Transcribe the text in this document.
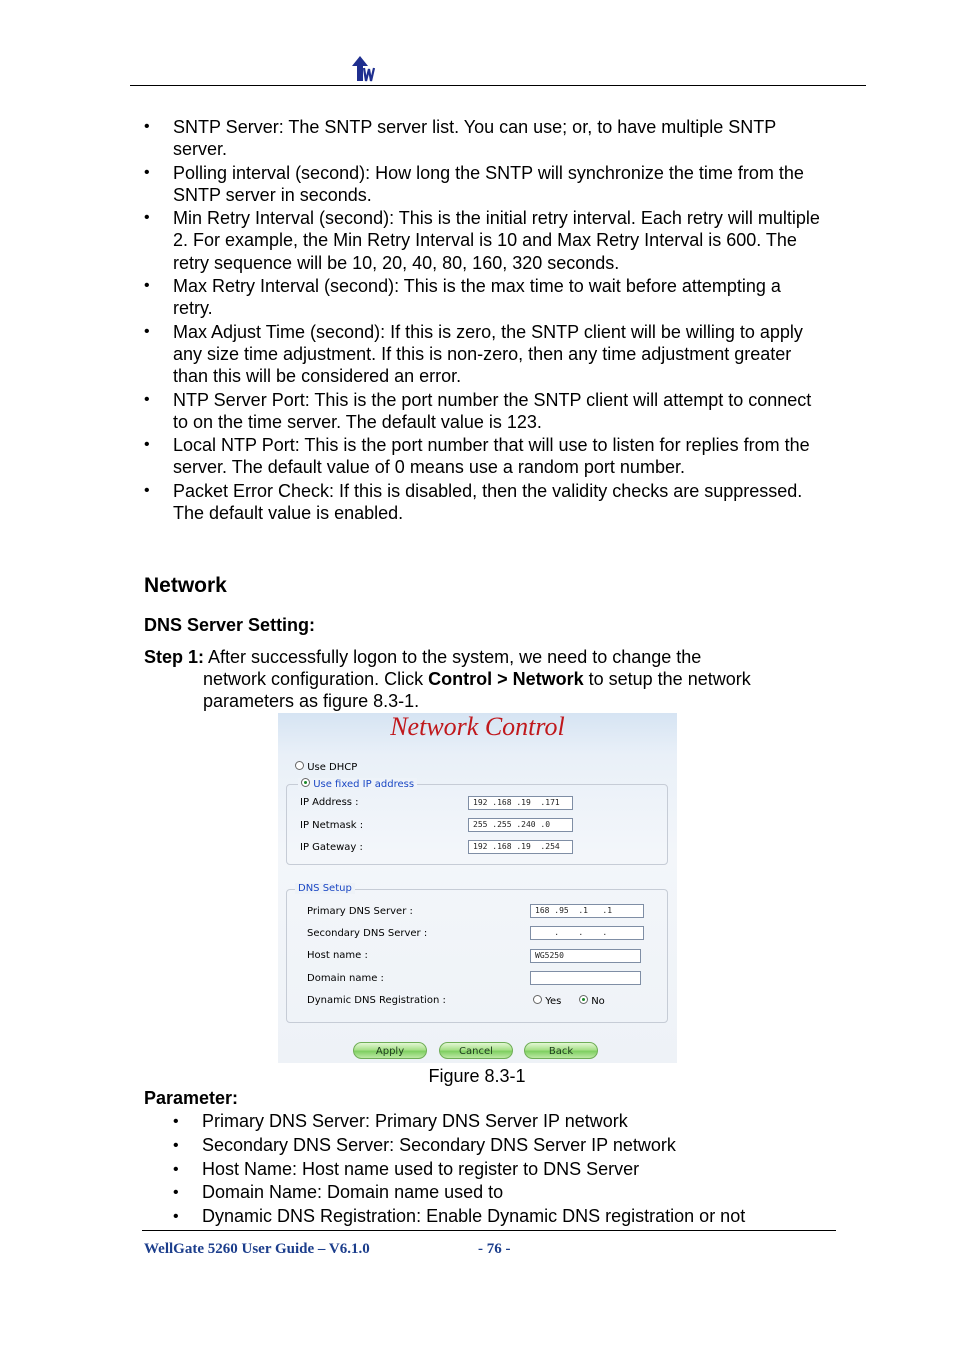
• SNTP Server: The SNTP server list. You can use; or, to have multiple SNTP server.
• Polling interval (second): How long the SNTP will synchronize the time from the SNTP server in seconds.
• Min Retry Interval (second): This is the initial retry interval. Each retry will multiple 2. For example, the Min Retry Interval is 10 and Max Retry Interval is 600. The retry sequence will be 10, 20, 40, 80, 160, 320 seconds.
• Max Retry Interval (second): This is the max time to wait before attempting a retry.
• Max Adjust Time (second): If this is zero, the SNTP client will be willing to apply any size time adjustment. If this is non-zero, then any time adjustment greater than this will be considered an error.
• NTP Server Port: This is the port number the SNTP client will attempt to connect to on the time server. The default value is 123.
• Local NTP Port: This is the port number that will use to listen for replies from the server. The default value of 0 means use a random port number.
• Packet Error Check: If this is disabled, then the validity checks are suppressed. The default value is enabled.
Network
DNS Server Setting:
Step 1: After successfully logon to the system, we need to change the
network configuration. Click Control > Network to setup the network
parameters as figure 8.3-1.
Network Control
Use DHCP
Use fixed IP address
IP Address :	192 .168 .19  .171
IP Netmask :	255 .255 .240 .0
IP Gateway :	192 .168 .19  .254
DNS Setup
Primary DNS Server :	168 .95  .1   .1
Secondary DNS Server :	.    .    .
Host name :	WG5250
Domain name :
Dynamic DNS Registration :	Yes	No
Apply	Cancel	Back
Figure 8.3-1
Parameter:
• Primary DNS Server: Primary DNS Server IP network
• Secondary DNS Server: Secondary DNS Server IP network
• Host Name: Host name used to register to DNS Server
• Domain Name: Domain name used to
• Dynamic DNS Registration: Enable Dynamic DNS registration or not
WellGate 5260 User Guide – V6.1.0	- 76 -
